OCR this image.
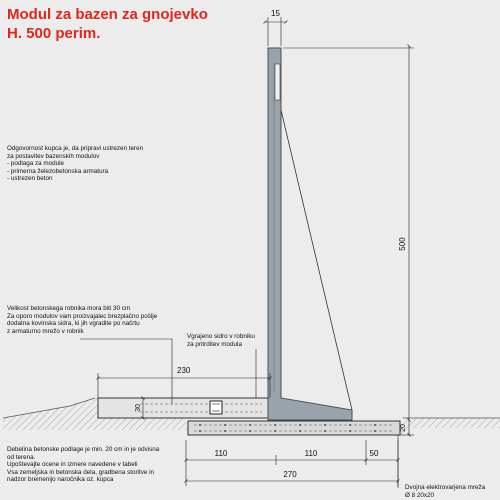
15
500
230
30
20
110	110	50
270
Modul za bazen za gnojevko
H. 500 perim.
Odgovornost kupca je, da pripravi ustrezen teren
za postavitev bazenskih modulov
- podlaga za module
- primerna železobetonska armatura
- ustrezen beton
Velikost betonskega robnika mora biti 30 cm
Za oporo modulov vam proizvajalec brezplačno pošlje
dodatna kovinska sidra, ki jih vgradite po načrtu
z armaturno mrežo v robnik
Vgrajeno sidro v robniku
za pritrditev modula
Debelina betonske podlage je min. 20 cm in je odvisna
od terena.
Upoštevajte ocene in izmere navedene v tabeli
Vsa zemeljska in betonska dela, gradbena storitve in
nadzor bremenijo naročnika oz. kupca
Dvojna elektrovarjena mreža
Ø 8 20x20
